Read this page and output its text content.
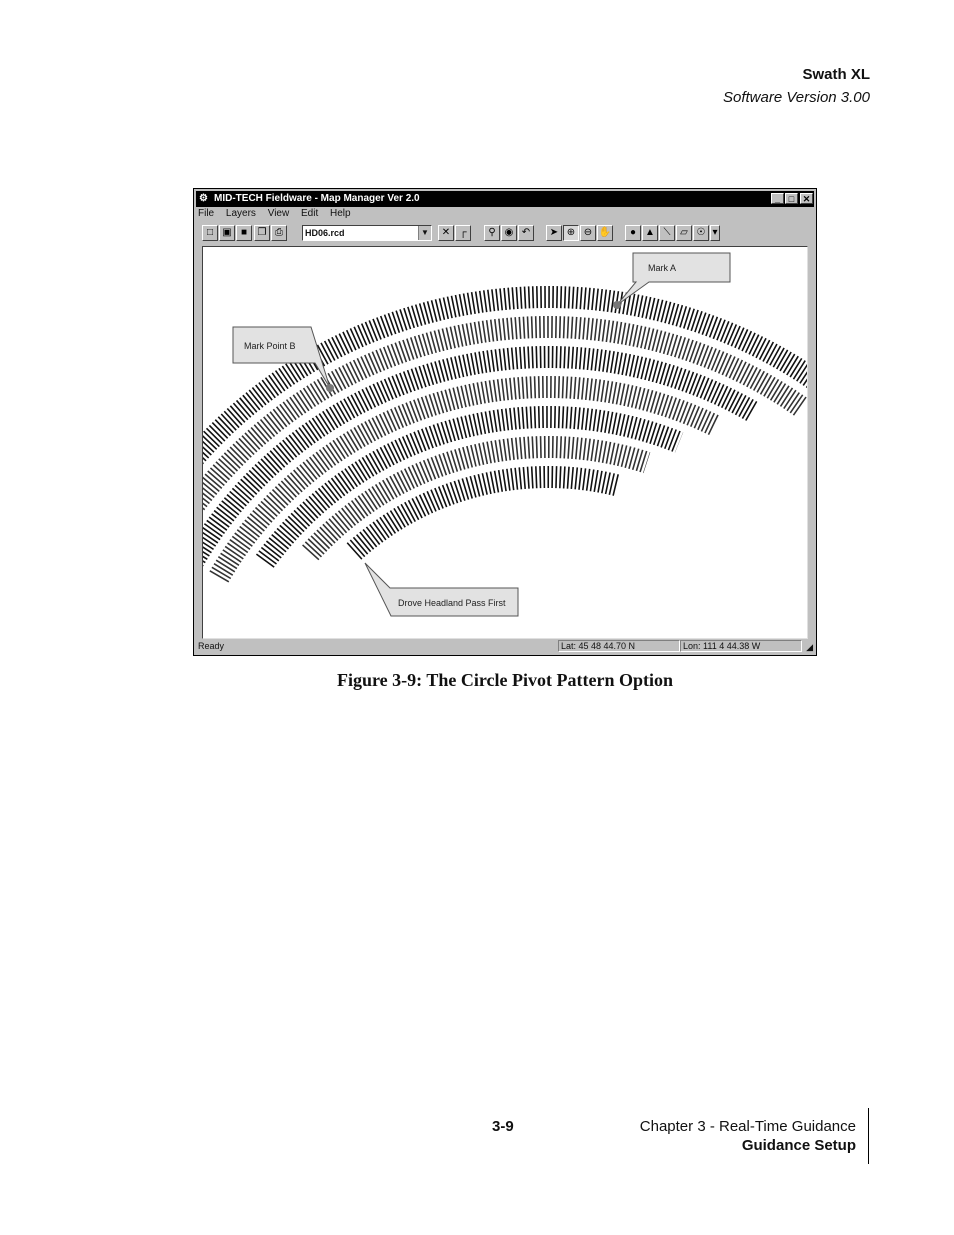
Swath XL
Software Version 3.00
⚙ MID-TECH Fieldware - Map Manager Ver 2.0	_ □ ✕
File Layers View Edit Help
□ ▣ ■	❐ ⎙	HD06.rcd	▼	✕ ┌	⚲ ◉ ↶	➤ ⊕ ⊖ ✋	● ▲ ⟍ ▱ ☉ ▾
Mark A
Mark Point B
Drove Headland Pass First
Ready	Lat: 45 48 44.70 N	Lon: 111 4 44.38 W	◢
Figure 3-9: The Circle Pivot Pattern Option
3-9	Chapter 3 - Real-Time Guidance
Guidance Setup
